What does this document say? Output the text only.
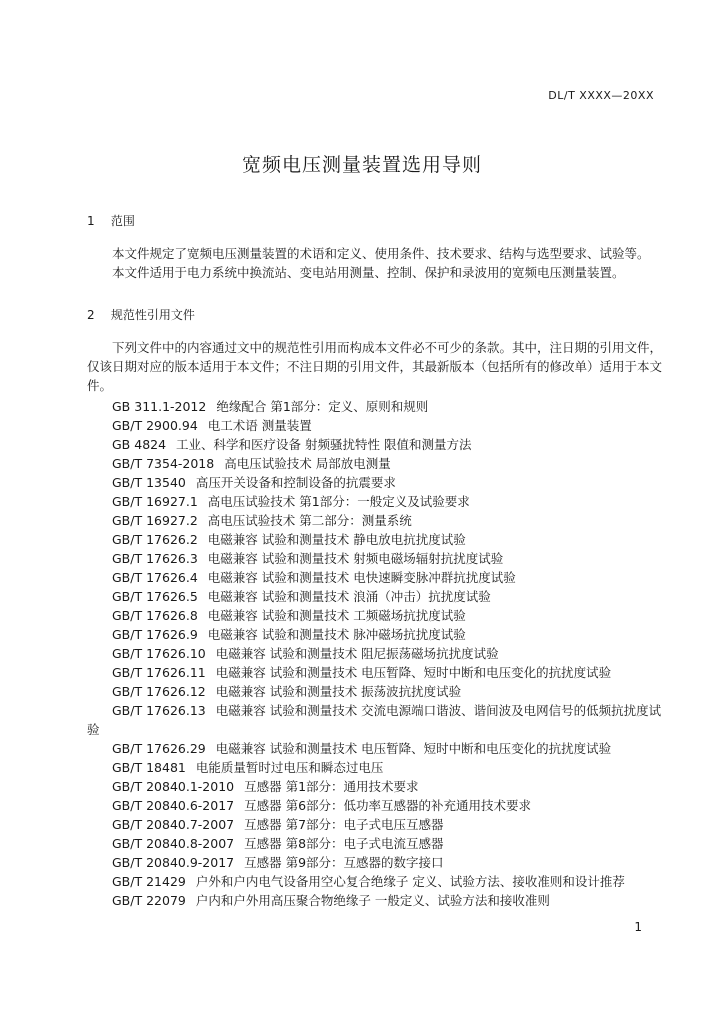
DL/T XXXX—20XX
宽频电压测量装置选用导则
1 范围
本文件规定了宽频电压测量装置的术语和定义、使用条件、技术要求、结构与选型要求、试验等。
本文件适用于电力系统中换流站、变电站用测量、控制、保护和录波用的宽频电压测量装置。
2 规范性引用文件
下列文件中的内容通过文中的规范性引用而构成本文件必不可少的条款。其中，注日期的引用文件，仅该日期对应的版本适用于本文件；不注日期的引用文件，其最新版本（包括所有的修改单）适用于本文件。
GB 311.1-2012 绝缘配合 第1部分：定义、原则和规则
GB/T 2900.94 电工术语 测量装置
GB 4824 工业、科学和医疗设备 射频骚扰特性 限值和测量方法
GB/T 7354-2018 高电压试验技术 局部放电测量
GB/T 13540 高压开关设备和控制设备的抗震要求
GB/T 16927.1 高电压试验技术 第1部分：一般定义及试验要求
GB/T 16927.2 高电压试验技术 第二部分：测量系统
GB/T 17626.2 电磁兼容 试验和测量技术 静电放电抗扰度试验
GB/T 17626.3 电磁兼容 试验和测量技术 射频电磁场辐射抗扰度试验
GB/T 17626.4 电磁兼容 试验和测量技术 电快速瞬变脉冲群抗扰度试验
GB/T 17626.5 电磁兼容 试验和测量技术 浪涌（冲击）抗扰度试验
GB/T 17626.8 电磁兼容 试验和测量技术 工频磁场抗扰度试验
GB/T 17626.9 电磁兼容 试验和测量技术 脉冲磁场抗扰度试验
GB/T 17626.10 电磁兼容 试验和测量技术 阻尼振荡磁场抗扰度试验
GB/T 17626.11 电磁兼容 试验和测量技术 电压暂降、短时中断和电压变化的抗扰度试验
GB/T 17626.12 电磁兼容 试验和测量技术 振荡波抗扰度试验
GB/T 17626.13 电磁兼容 试验和测量技术 交流电源端口谐波、谐间波及电网信号的低频抗扰度试验
GB/T 17626.29 电磁兼容 试验和测量技术 电压暂降、短时中断和电压变化的抗扰度试验
GB/T 18481 电能质量暂时过电压和瞬态过电压
GB/T 20840.1-2010 互感器 第1部分：通用技术要求
GB/T 20840.6-2017 互感器 第6部分：低功率互感器的补充通用技术要求
GB/T 20840.7-2007 互感器 第7部分：电子式电压互感器
GB/T 20840.8-2007 互感器 第8部分：电子式电流互感器
GB/T 20840.9-2017 互感器 第9部分：互感器的数字接口
GB/T 21429 户外和户内电气设备用空心复合绝缘子 定义、试验方法、接收准则和设计推荐
GB/T 22079 户内和户外用高压聚合物绝缘子 一般定义、试验方法和接收准则
1
